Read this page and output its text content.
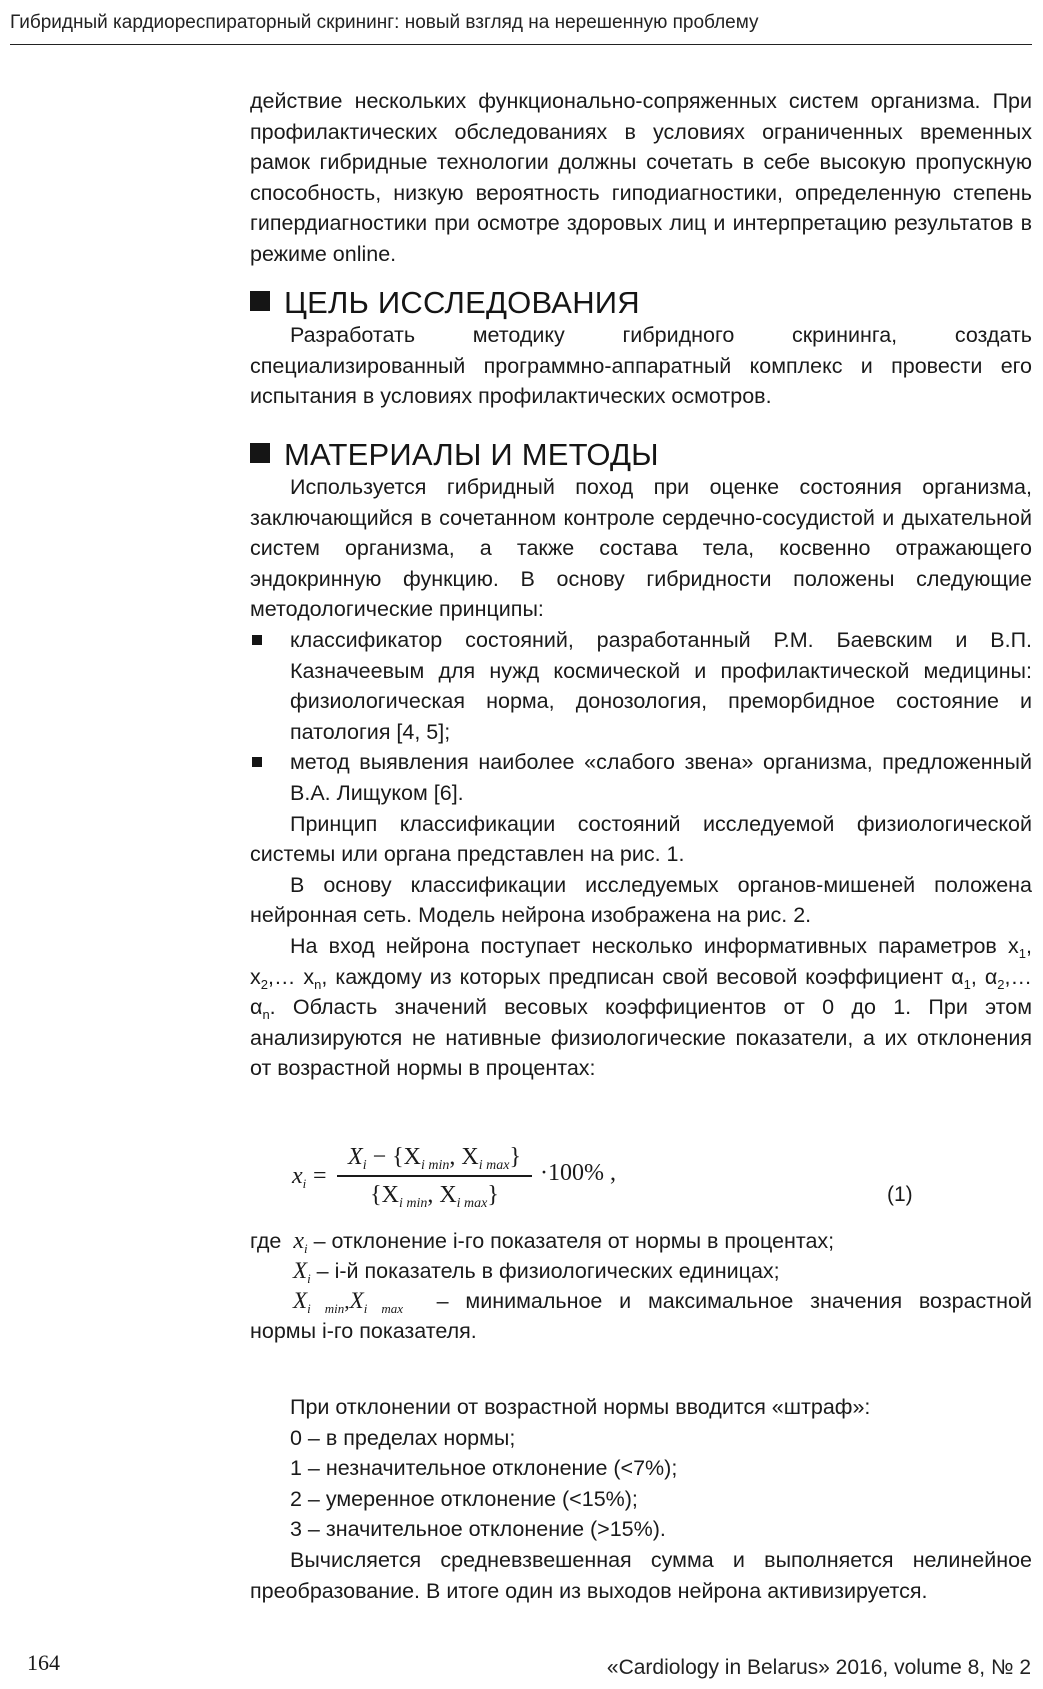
Гибридный кардиореспираторный скрининг: новый взгляд на нерешенную проблему

действие нескольких функционально-сопряженных систем организма. При профилактических обследованиях в условиях ограниченных временных рамок гибридные технологии должны сочетать в себе высокую пропускную способность, низкую вероятность гиподиагностики, определенную степень гипердиагностики при осмотре здоровых лиц и интерпретацию результатов в режиме online.

ЦЕЛЬ ИССЛЕДОВАНИЯ

Разработать методику гибридного скрининга, создать специализированный программно-аппаратный комплекс и провести его испытания в условиях профилактических осмотров.

МАТЕРИАЛЫ И МЕТОДЫ

Используется гибридный поход при оценке состояния организма, заключающийся в сочетанном контроле сердечно-сосудистой и дыхательной систем организма, а также состава тела, косвенно отражающего эндокринную функцию. В основу гибридности положены следующие методологические принципы:

классификатор состояний, разработанный Р.М. Баевским и В.П. Казначеевым для нужд космической и профилактической медицины: физиологическая норма, донозология, преморбидное состояние и патология [4, 5];
метод выявления наиболее «слабого звена» организма, предложенный В.А. Лищуком [6].

Принцип классификации состояний исследуемой физиологической системы или органа представлен на рис. 1.

В основу классификации исследуемых органов-мишеней положена нейронная сеть. Модель нейрона изображена на рис. 2.

На вход нейрона поступает несколько информативных параметров $x_1$, $x_2,\dots$ $x_n$, каждому из которых предписан свой весовой коэффициент $\alpha_1$, $\alpha_2,\dots\alpha_n$. Область значений весовых коэффициентов от 0 до 1. При этом анализируются не нативные физиологические показатели, а их отклонения от возрастной нормы в процентах:

$x_i$ =
$X_i - \{X_{i min}$, $X_{i max}$}
{$X_{i min}$, $X_{i max}$}
·100% ,
(1)
где $x_i$ – отклонение i-го показателя от нормы в процентах;
$X_i - i-й$ показатель в физиологических единицах;
$X_{i min},X_{i max}$ – минимальное и максимальное значения возрастной
нормы i-го показателя.

При отклонении от возрастной нормы вводится «штраф»:

0 – в пределах нормы;

1 – незначительное отклонение (<7%);

2 – умеренное отклонение (<15%);

3 – значительное отклонение (>15%).

Вычисляется средневзвешенная сумма и выполняется нелинейное преобразование. В итоге один из выходов нейрона активизируется.

164	«Cardiology in Belarus» 2016, volume 8, № 2
